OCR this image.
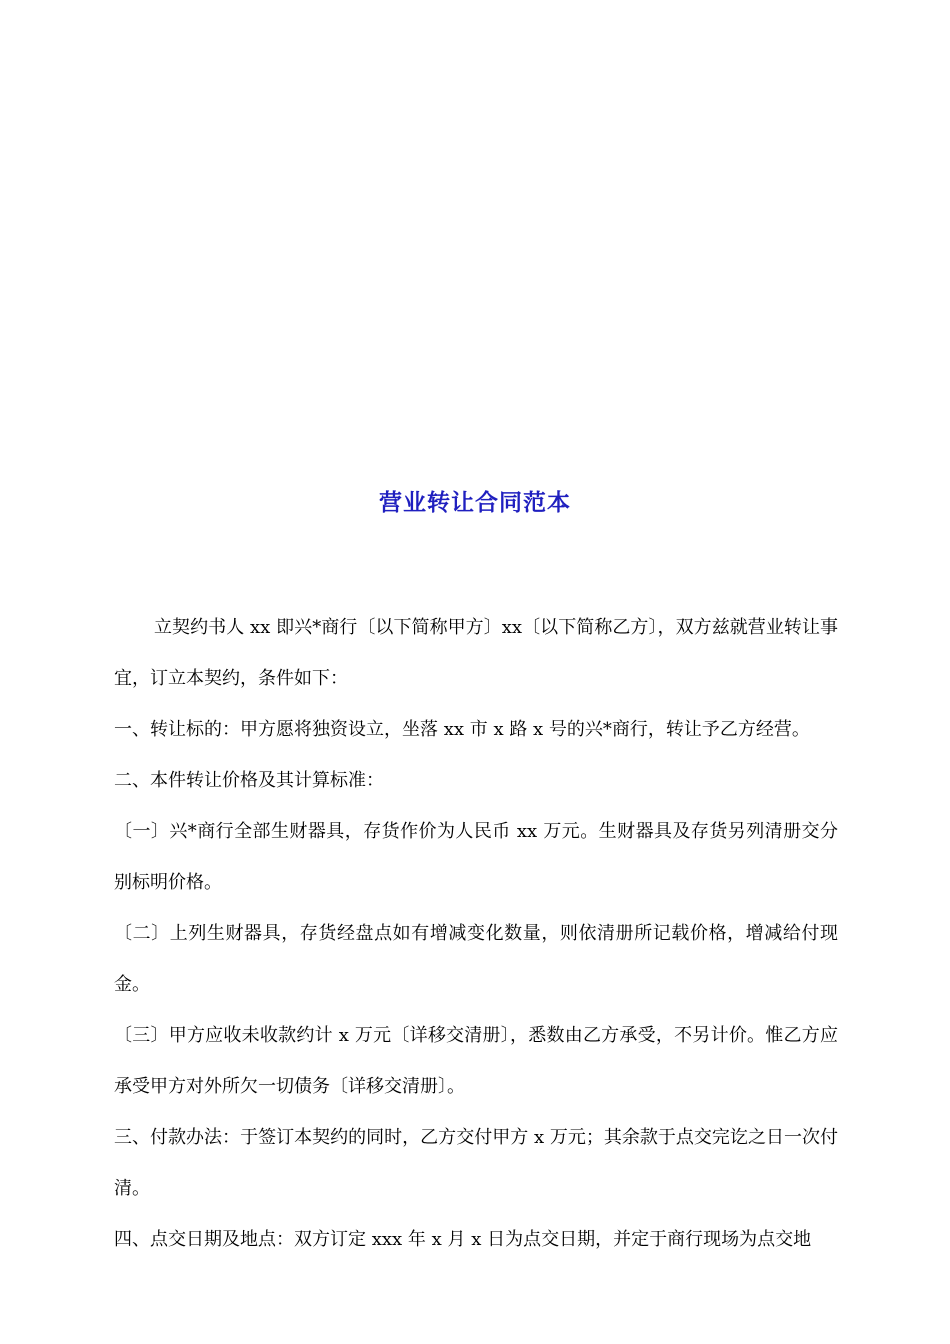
营业转让合同范本

立契约书人 xx 即兴*商行〔以下简称甲方〕xx〔以下简称乙方〕，双方兹就营业转让事宜，订立本契约，条件如下：

一、转让标的：甲方愿将独资设立，坐落 xx 市 x 路 x 号的兴*商行，转让予乙方经营。

二、本件转让价格及其计算标准：

〔一〕兴*商行全部生财器具，存货作价为人民币 xx 万元。生财器具及存货另列清册交分别标明价格。

〔二〕上列生财器具，存货经盘点如有增减变化数量，则依清册所记载价格，增减给付现金。

〔三〕甲方应收未收款约计 x 万元〔详移交清册〕，悉数由乙方承受，不另计价。惟乙方应承受甲方对外所欠一切债务〔详移交清册〕。

三、付款办法：于签订本契约的同时，乙方交付甲方 x 万元；其余款于点交完讫之日一次付清。

四、点交日期及地点：双方订定 xxx 年 x 月 x 日为点交日期，并定于商行现场为点交地
